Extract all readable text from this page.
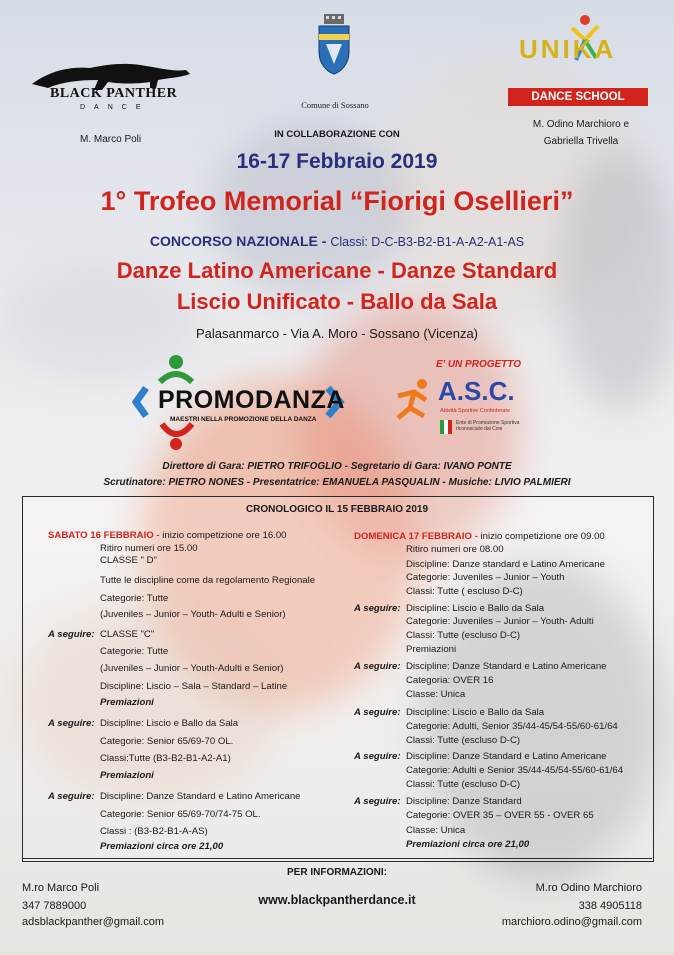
BLACK PANTHER
DANCE
M. Marco Poli
Comune di Sossano
IN COLLABORAZIONE CON
UNIKA
DANCE SCHOOL
M. Odino Marchioro e
Gabriella Trivella
16-17 Febbraio 2019
1° Trofeo Memorial “Fiorigi Osellieri”
CONCORSO NAZIONALE - Classi: D-C-B3-B2-B1-A-A2-A1-AS
Danze Latino Americane - Danze Standard
Liscio Unificato - Ballo da Sala
Palasanmarco - Via A. Moro - Sossano (Vicenza)
PROMODANZA
MAESTRI NELLA PROMOZIONE DELLA DANZA
E' UN PROGETTO
A.S.C.
Attività Sportive Confederate
Ente di Promozione Sportiva riconosciuto dal Coni
Direttore di Gara: PIETRO TRIFOGLIO - Segretario di Gara: IVANO PONTE
Scrutinatore: PIETRO NONES - Presentatrice: EMANUELA PASQUALIN - Musiche: LIVIO PALMIERI
CRONOLOGICO IL 15 FEBBRAIO 2019
SABATO 16 FEBBRAIO - inizio competizione ore 16.00
Ritiro numeri ore 15.00
CLASSE " D"
Tutte le discipline come da regolamento Regionale
Categorie: Tutte
(Juveniles – Junior – Youth- Adulti e Senior)
A seguire: CLASSE "C"
Categorie: Tutte
(Juveniles – Junior – Youth-Adulti e Senior)
Discipline: Liscio – Sala – Standard – Latine
Premiazioni
A seguire: Discipline: Liscio e Ballo da Sala
Categorie: Senior 65/69-70 OL.
Classi:Tutte (B3-B2-B1-A2-A1)
Premiazioni
A seguire: Discipline: Danze Standard e Latino Americane
Categorie: Senior 65/69-70/74-75 OL.
Classi : (B3-B2-B1-A-AS)
Premiazioni circa ore 21,00
DOMENICA 17 FEBBRAIO - inizio competizione ore 09.00
Ritiro numeri ore 08.00
Discipline: Danze standard e Latino Americane
Categorie: Juveniles – Junior – Youth
Classi: Tutte ( escluso D-C)
A seguire: Discipline: Liscio e Ballo da Sala
Categorie: Juveniles – Junior – Youth- Adulti
Classi: Tutte (escluso D-C)
Premiazioni
A seguire: Discipline: Danze Standard e Latino Americane
Categoria: OVER 16
Classe: Unica
A seguire: Discipline: Liscio e Ballo da Sala
Categorie: Adulti, Senior 35/44-45/54-55/60-61/64
Classi: Tutte (escluso D-C)
A seguire: Discipline: Danze Standard e Latino Americane
Categorie: Adulti e Senior 35/44-45/54-55/60-61/64
Classi: Tutte (escluso D-C)
A seguire: Discipline: Danze Standard
Categorie: OVER 35 – OVER 55 - OVER 65
Classe: Unica
Premiazioni circa ore 21,00
PER INFORMAZIONI:
www.blackpantherdance.it
M.ro Marco Poli
347 7889000
adsblackpanther@gmail.com
M.ro Odino Marchioro
338 4905118
marchioro.odino@gmail.com
